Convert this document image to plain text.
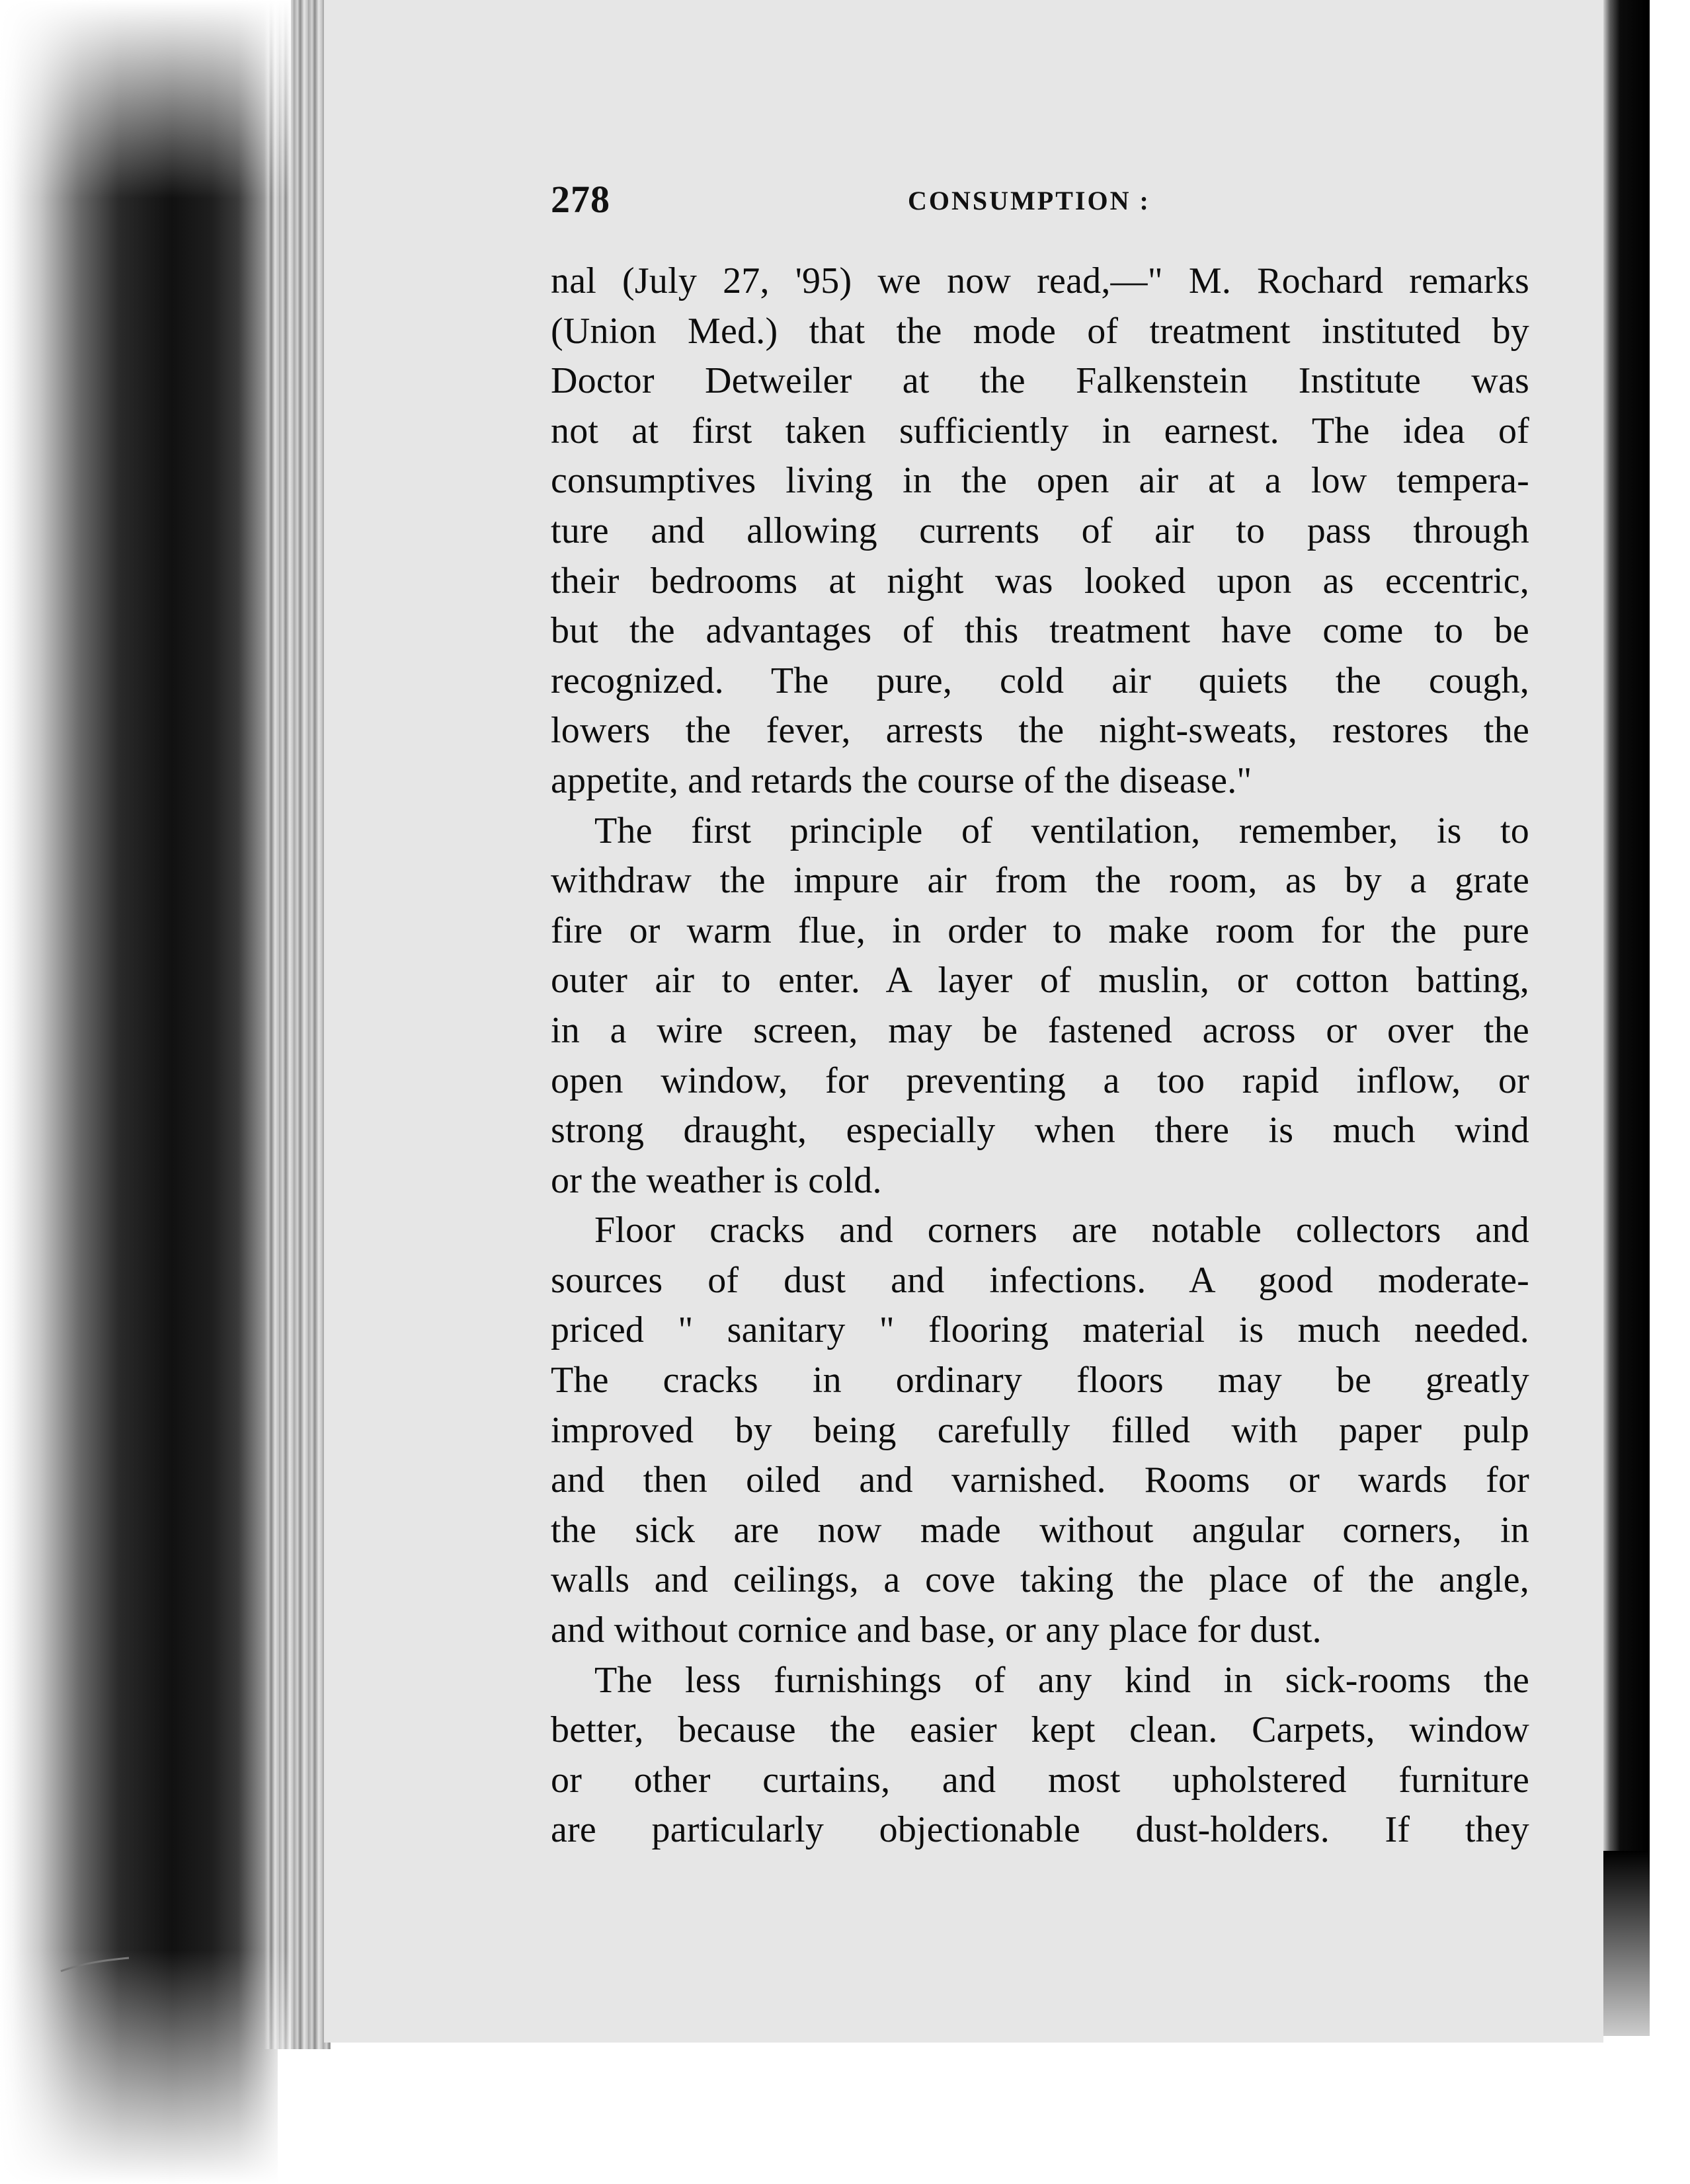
278	CONSUMPTION :
nal (July 27, '95) we now read,—" M. Rochard remarks
(Union Med.) that the mode of treatment instituted by
Doctor Detweiler at the Falkenstein Institute was
not at first taken sufficiently in earnest. The idea of
consumptives living in the open air at a low tempera-
ture and allowing currents of air to pass through
their bedrooms at night was looked upon as eccentric,
but the advantages of this treatment have come to be
recognized. The pure, cold air quiets the cough,
lowers the fever, arrests the night-sweats, restores the
appetite, and retards the course of the disease."
The first principle of ventilation, remember, is to
withdraw the impure air from the room, as by a grate
fire or warm flue, in order to make room for the pure
outer air to enter. A layer of muslin, or cotton batting,
in a wire screen, may be fastened across or over the
open window, for preventing a too rapid inflow, or
strong draught, especially when there is much wind
or the weather is cold.
Floor cracks and corners are notable collectors and
sources of dust and infections. A good moderate-
priced " sanitary " flooring material is much needed.
The cracks in ordinary floors may be greatly
improved by being carefully filled with paper pulp
and then oiled and varnished. Rooms or wards for
the sick are now made without angular corners, in
walls and ceilings, a cove taking the place of the angle,
and without cornice and base, or any place for dust.
The less furnishings of any kind in sick-rooms the
better, because the easier kept clean. Carpets, window
or other curtains, and most upholstered furniture
are particularly objectionable dust-holders. If they
